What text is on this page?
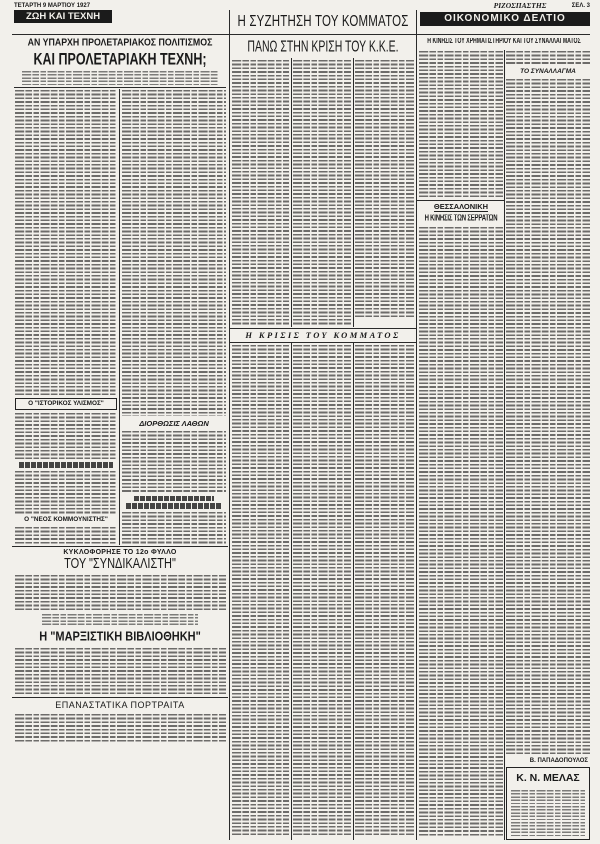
ΤΕΤΑΡΤΗ 9 ΜΑΡΤΙΟΥ 1927	ΡΙΖΟΣΠΑΣΤΗΣ	ΣΕΛ. 3
ΖΩΗ ΚΑΙ ΤΕΧΝΗ	Η ΣΥΖΗΤΗΣΗ ΤΟΥ ΚΟΜΜΑΤΟΣ	ΟΙΚΟΝΟΜΙΚΟ ΔΕΛΤΙΟ
ΑΝ ΥΠΑΡΧΗ ΠΡΟΛΕΤΑΡΙΑΚΟΣ ΠΟΛΙΤΙΣΜΟΣ
ΚΑΙ ΠΡΟΛΕΤΑΡΙΑΚΗ ΤΕΧΝΗ;
Ο "ΙΣΤΟΡΙΚΟΣ ΥΛΙΣΜΟΣ"
Ο "ΝΕΟΣ ΚΟΜΜΟΥΝΙΣΤΗΣ"
ΔΙΟΡΘΩΣΙΣ ΛΑΘΩΝ
ΚΥΚΛΟΦΟΡΗΣΕ ΤΟ 12ο ΦΥΛΛΟ
ΤΟΥ "ΣΥΝΔΙΚΑΛΙΣΤΗ"
Η "ΜΑΡΞΙΣΤΙΚΗ ΒΙΒΛΙΟΘΗΚΗ"
ΕΠΑΝΑΣΤΑΤΙΚΑ ΠΟΡΤΡΑΙΤΑ
ΠΑΝΩ ΣΤΗΝ ΚΡΙΣΗ ΤΟΥ Κ.Κ.Ε.
Η ΚΡΙΣΙΣ ΤΟΥ ΚΟΜΜΑΤΟΣ
Η ΚΙΝΗΣΙΣ ΤΟΥ ΧΡΗΜΑΤΙΣΤΗΡΙΟΥ ΚΑΙ ΤΟΥ ΣΥΝΑΛΛΑΓΜΑΤΟΣ
ΤΟ ΣΥΝΑΛΛΑΓΜΑ
ΘΕΣΣΑΛΟΝΙΚΗ
Η ΚΙΝΗΣΙΣ ΤΩΝ ΣΕΡΡΑΤΩΝ
Β. ΠΑΠΑΔΟΠΟΥΛΟΣ
Κ. Ν. ΜΕΛΑΣ
